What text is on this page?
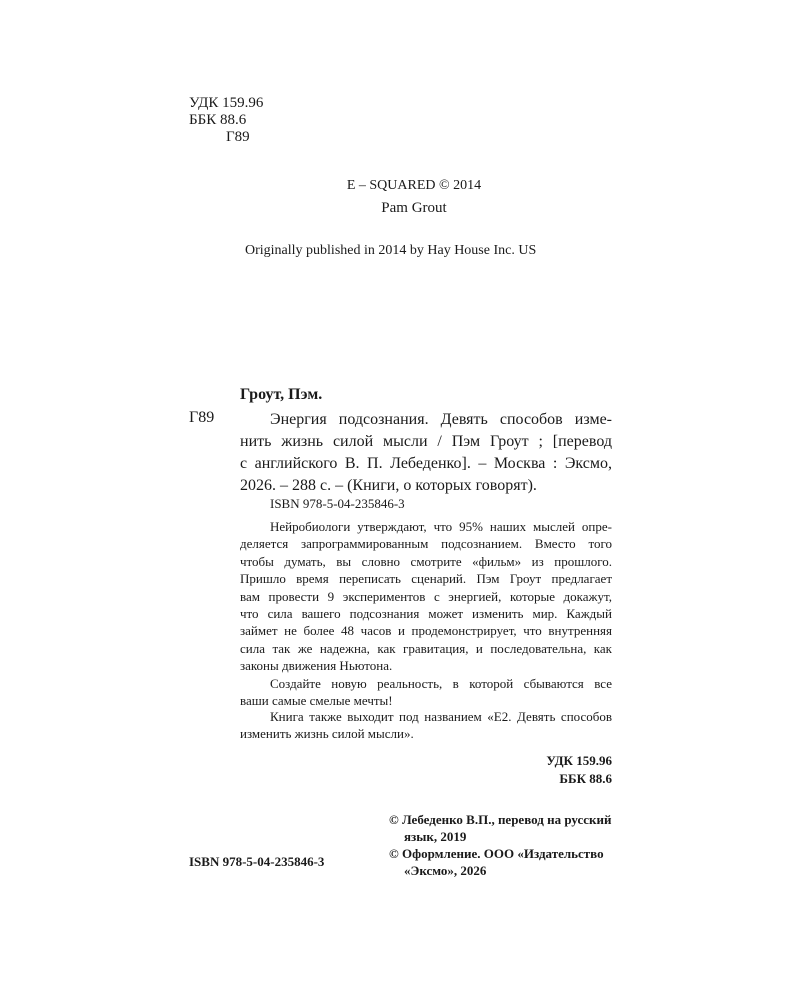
УДК 159.96
ББК 88.6
Г89
E – SQUARED © 2014
Pam Grout
Originally published in 2014 by Hay House Inc. US
Гроут, Пэм.
Г89	Энергия подсознания. Девять способов изме-
нить жизнь силой мысли / Пэм Гроут ; [перевод
с английского В. П. Лебеденко]. – Москва : Эксмо,
2026. – 288 с. – (Книги, о которых говорят).
ISBN 978-5-04-235846-3
Нейробиологи утверждают, что 95% наших мыслей опре-
деляется запрограммированным подсознанием. Вместо того
чтобы думать, вы словно смотрите «фильм» из прошлого.
Пришло время переписать сценарий. Пэм Гроут предлагает
вам провести 9 экспериментов с энергией, которые докажут,
что сила вашего подсознания может изменить мир. Каждый
займет не более 48 часов и продемонстрирует, что внутренняя
сила так же надежна, как гравитация, и последовательна, как
законы движения Ньютона.
Создайте новую реальность, в которой сбываются все
ваши самые смелые мечты!
Книга также выходит под названием «E2. Девять способов
изменить жизнь силой мысли».
УДК 159.96
ББК 88.6
© Лебеденко В.П., перевод на русский
язык, 2019
© Оформление. ООО «Издательство
«Эксмо», 2026
ISBN 978-5-04-235846-3
